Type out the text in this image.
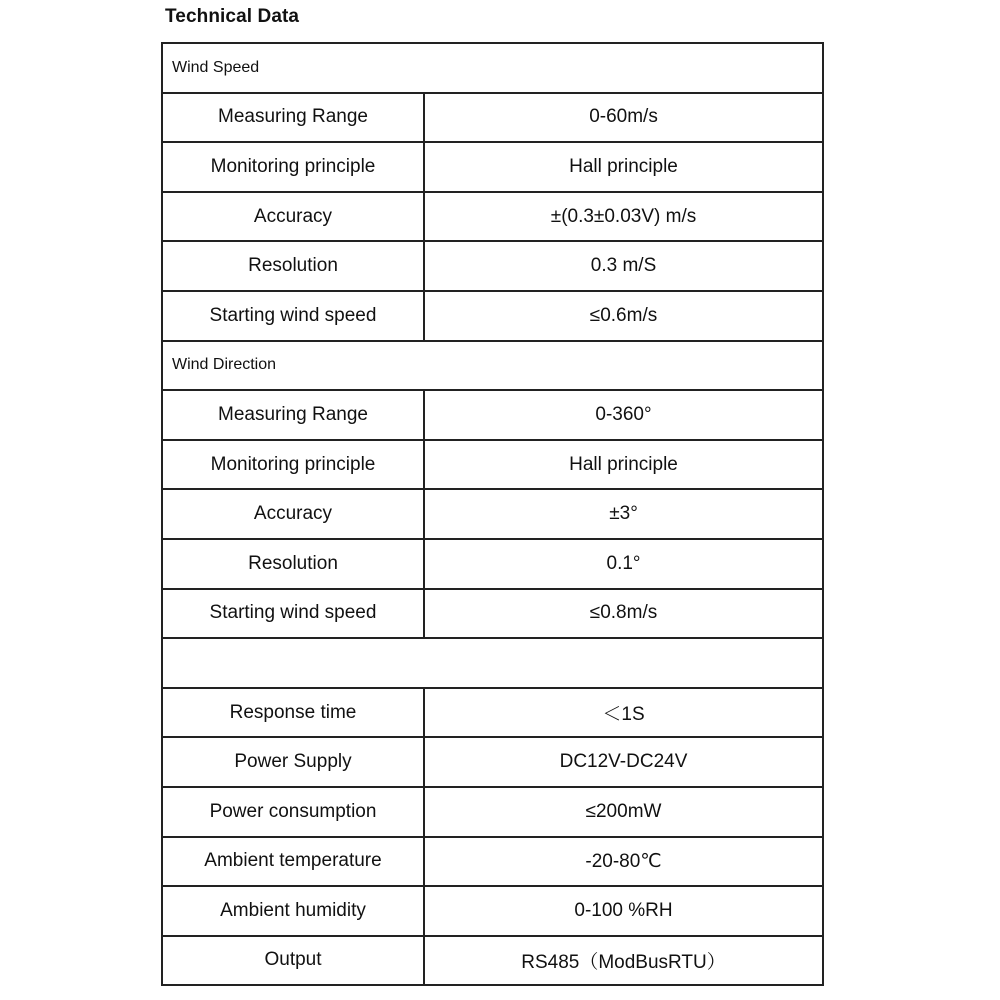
Technical Data
Wind Speed	
Measuring Range	0-60m/s
Monitoring principle	Hall principle
Accuracy	±(0.3±0.03V) m/s
Resolution	0.3 m/S
Starting wind speed	≤0.6m/s
Wind Direction	
Measuring Range	0-360°
Monitoring principle	Hall principle
Accuracy	±3°
Resolution	0.1°
Starting wind speed	≤0.8m/s

Response time	＜1S
Power Supply	DC12V-DC24V
Power consumption	≤200mW
Ambient temperature	-20-80℃
Ambient humidity	0-100 %RH
Output	RS485（ModBusRTU）
